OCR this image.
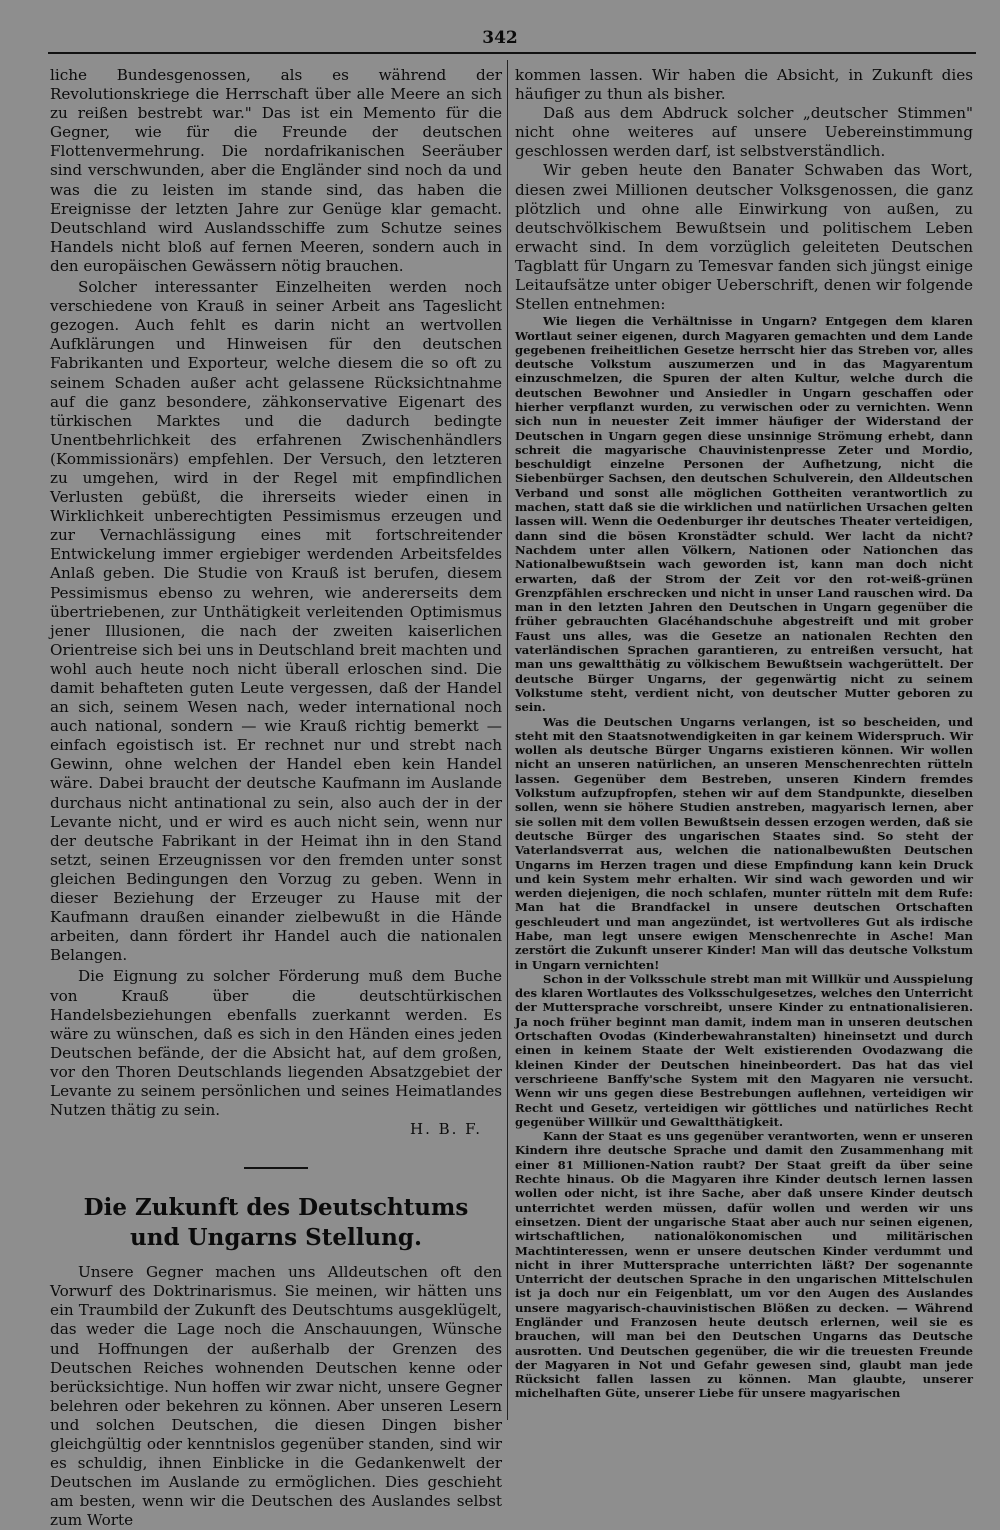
342

liche Bundesgenossen, als es während der Revolutionskriege die Herrschaft über alle Meere an sich zu reißen bestrebt war." Das ist ein Memento für die Gegner, wie für die Freunde der deutschen Flottenvermehrung. Die nordafrikanischen Seeräuber sind verschwunden, aber die Engländer sind noch da und was die zu leisten im stande sind, das haben die Ereignisse der letzten Jahre zur Genüge klar gemacht. Deutschland wird Auslandsschiffe zum Schutze seines Handels nicht bloß auf fernen Meeren, sondern auch in den europäischen Gewässern nötig brauchen.

Solcher interessanter Einzelheiten werden noch verschiedene von Krauß in seiner Arbeit ans Tageslicht gezogen. Auch fehlt es darin nicht an wertvollen Aufklärungen und Hinweisen für den deutschen Fabrikanten und Exporteur, welche diesem die so oft zu seinem Schaden außer acht gelassene Rücksichtnahme auf die ganz besondere, zähkonservative Eigenart des türkischen Marktes und die dadurch bedingte Unentbehrlichkeit des erfahrenen Zwischenhändlers (Kommissionärs) empfehlen. Der Versuch, den letzteren zu umgehen, wird in der Regel mit empfindlichen Verlusten gebüßt, die ihrerseits wieder einen in Wirklichkeit unberechtigten Pessimismus erzeugen und zur Vernachlässigung eines mit fortschreitender Entwickelung immer ergiebiger werdenden Arbeitsfeldes Anlaß geben. Die Studie von Krauß ist berufen, diesem Pessimismus ebenso zu wehren, wie andererseits dem übertriebenen, zur Unthätigkeit verleitenden Optimismus jener Illusionen, die nach der zweiten kaiserlichen Orientreise sich bei uns in Deutschland breit machten und wohl auch heute noch nicht überall erloschen sind. Die damit behafteten guten Leute vergessen, daß der Handel an sich, seinem Wesen nach, weder international noch auch national, sondern — wie Krauß richtig bemerkt — einfach egoistisch ist. Er rechnet nur und strebt nach Gewinn, ohne welchen der Handel eben kein Handel wäre. Dabei braucht der deutsche Kaufmann im Auslande durchaus nicht antinational zu sein, also auch der in der Levante nicht, und er wird es auch nicht sein, wenn nur der deutsche Fabrikant in der Heimat ihn in den Stand setzt, seinen Erzeugnissen vor den fremden unter sonst gleichen Bedingungen den Vorzug zu geben. Wenn in dieser Beziehung der Erzeuger zu Hause mit der Kaufmann draußen einander zielbewußt in die Hände arbeiten, dann fördert ihr Handel auch die nationalen Belangen.

Die Eignung zu solcher Förderung muß dem Buche von Krauß über die deutschtürkischen Handelsbeziehungen ebenfalls zuerkannt werden. Es wäre zu wünschen, daß es sich in den Händen eines jeden Deutschen befände, der die Absicht hat, auf dem großen, vor den Thoren Deutschlands liegenden Absatzgebiet der Levante zu seinem persönlichen und seines Heimatlandes Nutzen thätig zu sein.

H. B. F.

Die Zukunft des Deutschtums und Ungarns Stellung.

Unsere Gegner machen uns Alldeutschen oft den Vorwurf des Doktrinarismus. Sie meinen, wir hätten uns ein Traumbild der Zukunft des Deutschtums ausgeklügelt, das weder die Lage noch die Anschauungen, Wünsche und Hoffnungen der außerhalb der Grenzen des Deutschen Reiches wohnenden Deutschen kenne oder berücksichtige. Nun hoffen wir zwar nicht, unsere Gegner belehren oder bekehren zu können. Aber unseren Lesern und solchen Deutschen, die diesen Dingen bisher gleichgültig oder kenntnislos gegenüber standen, sind wir es schuldig, ihnen Einblicke in die Gedankenwelt der Deutschen im Auslande zu ermöglichen. Dies geschieht am besten, wenn wir die Deutschen des Auslandes selbst zum Worte

kommen lassen. Wir haben die Absicht, in Zukunft dies häufiger zu thun als bisher.

Daß aus dem Abdruck solcher „deutscher Stimmen" nicht ohne weiteres auf unsere Uebereinstimmung geschlossen werden darf, ist selbstverständlich.

Wir geben heute den Banater Schwaben das Wort, diesen zwei Millionen deutscher Volksgenossen, die ganz plötzlich und ohne alle Einwirkung von außen, zu deutschvölkischem Bewußtsein und politischem Leben erwacht sind. In dem vorzüglich geleiteten Deutschen Tagblatt für Ungarn zu Temesvar fanden sich jüngst einige Leitaufsätze unter obiger Ueberschrift, denen wir folgende Stellen entnehmen:

Wie liegen die Verhältnisse in Ungarn? Entgegen dem klaren Wortlaut seiner eigenen, durch Magyaren gemachten und dem Lande gegebenen freiheitlichen Gesetze herrscht hier das Streben vor, alles deutsche Volkstum auszumerzen und in das Magyarentum einzuschmelzen, die Spuren der alten Kultur, welche durch die deutschen Bewohner und Ansiedler in Ungarn geschaffen oder hierher verpflanzt wurden, zu verwischen oder zu vernichten. Wenn sich nun in neuester Zeit immer häufiger der Widerstand der Deutschen in Ungarn gegen diese unsinnige Strömung erhebt, dann schreit die magyarische Chauvinistenpresse Zeter und Mordio, beschuldigt einzelne Personen der Aufhetzung, nicht die Siebenbürger Sachsen, den deutschen Schulverein, den Alldeutschen Verband und sonst alle möglichen Gottheiten verantwortlich zu machen, statt daß sie die wirklichen und natürlichen Ursachen gelten lassen will. Wenn die Oedenburger ihr deutsches Theater verteidigen, dann sind die bösen Kronstädter schuld. Wer lacht da nicht? Nachdem unter allen Völkern, Nationen oder Nationchen das Nationalbewußtsein wach geworden ist, kann man doch nicht erwarten, daß der Strom der Zeit vor den rot-weiß-grünen Grenzpfählen erschrecken und nicht in unser Land rauschen wird. Da man in den letzten Jahren den Deutschen in Ungarn gegenüber die früher gebrauchten Glacéhandschuhe abgestreift und mit grober Faust uns alles, was die Gesetze an nationalen Rechten den vaterländischen Sprachen garantieren, zu entreißen versucht, hat man uns gewaltthätig zu völkischem Bewußtsein wachgerüttelt. Der deutsche Bürger Ungarns, der gegenwärtig nicht zu seinem Volkstume steht, verdient nicht, von deutscher Mutter geboren zu sein.

Was die Deutschen Ungarns verlangen, ist so bescheiden, und steht mit den Staatsnotwendigkeiten in gar keinem Widerspruch. Wir wollen als deutsche Bürger Ungarns existieren können. Wir wollen nicht an unseren natürlichen, an unseren Menschenrechten rütteln lassen. Gegenüber dem Bestreben, unseren Kindern fremdes Volkstum aufzupfropfen, stehen wir auf dem Standpunkte, dieselben sollen, wenn sie höhere Studien anstreben, magyarisch lernen, aber sie sollen mit dem vollen Bewußtsein dessen erzogen werden, daß sie deutsche Bürger des ungarischen Staates sind. So steht der Vaterlandsverrat aus, welchen die nationalbewußten Deutschen Ungarns im Herzen tragen und diese Empfindung kann kein Druck und kein System mehr erhalten. Wir sind wach geworden und wir werden diejenigen, die noch schlafen, munter rütteln mit dem Rufe: Man hat die Brandfackel in unsere deutschen Ortschaften geschleudert und man angezündet, ist wertvolleres Gut als irdische Habe, man legt unsere ewigen Menschenrechte in Asche! Man zerstört die Zukunft unserer Kinder! Man will das deutsche Volkstum in Ungarn vernichten!

Schon in der Volksschule strebt man mit Willkür und Ausspielung des klaren Wortlautes des Volksschulgesetzes, welches den Unterricht der Muttersprache vorschreibt, unsere Kinder zu entnationalisieren. Ja noch früher beginnt man damit, indem man in unseren deutschen Ortschaften Ovodas (Kinderbewahranstalten) hineinsetzt und durch einen in keinem Staate der Welt existierenden Ovodazwang die kleinen Kinder der Deutschen hineinbeordert. Das hat das viel verschrieene Banffy'sche System mit den Magyaren nie versucht. Wenn wir uns gegen diese Bestrebungen auflehnen, verteidigen wir Recht und Gesetz, verteidigen wir göttliches und natürliches Recht gegenüber Willkür und Gewaltthätigkeit.

Kann der Staat es uns gegenüber verantworten, wenn er unseren Kindern ihre deutsche Sprache und damit den Zusammenhang mit einer 81 Millionen-Nation raubt? Der Staat greift da über seine Rechte hinaus. Ob die Magyaren ihre Kinder deutsch lernen lassen wollen oder nicht, ist ihre Sache, aber daß unsere Kinder deutsch unterrichtet werden müssen, dafür wollen und werden wir uns einsetzen. Dient der ungarische Staat aber auch nur seinen eigenen, wirtschaftlichen, nationalökonomischen und militärischen Machtinteressen, wenn er unsere deutschen Kinder verdummt und nicht in ihrer Muttersprache unterrichten läßt? Der sogenannte Unterricht der deutschen Sprache in den ungarischen Mittelschulen ist ja doch nur ein Feigenblatt, um vor den Augen des Auslandes unsere magyarisch-chauvinistischen Blößen zu decken. — Während Engländer und Franzosen heute deutsch erlernen, weil sie es brauchen, will man bei den Deutschen Ungarns das Deutsche ausrotten. Und Deutschen gegenüber, die wir die treuesten Freunde der Magyaren in Not und Gefahr gewesen sind, glaubt man jede Rücksicht fallen lassen zu können. Man glaubte, unserer michelhaften Güte, unserer Liebe für unsere magyarischen
